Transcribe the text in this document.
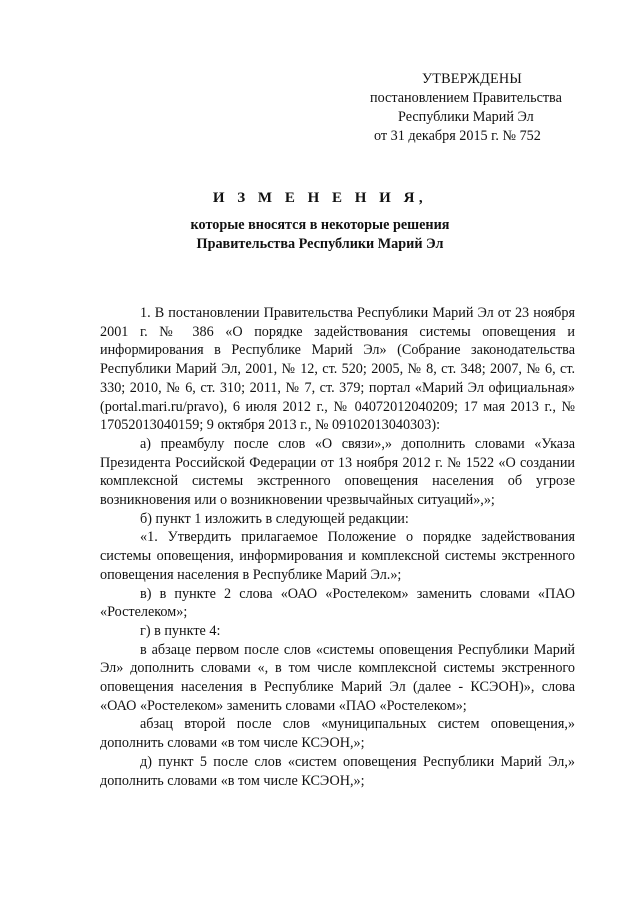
УТВЕРЖДЕНЫ
постановлением Правительства
Республики Марий Эл
от 31 декабря 2015 г. № 752
И З М Е Н Е Н И Я,
которые вносятся в некоторые решения
Правительства Республики Марий Эл

1. В постановлении Правительства Республики Марий Эл от 23 ноября 2001 г. № 386 «О порядке задействования системы оповещения и информирования в Республике Марий Эл» (Собрание законодательства Республики Марий Эл, 2001, № 12, ст. 520; 2005, № 8, ст. 348; 2007, № 6, ст. 330; 2010, № 6, ст. 310; 2011, № 7, ст. 379; портал «Марий Эл официальная» (portal.mari.ru/pravo), 6 июля 2012 г., № 04072012040209; 17 мая 2013 г., № 17052013040159; 9 октября 2013 г., № 09102013040303):

а) преамбулу после слов «О связи»,» дополнить словами «Указа Президента Российской Федерации от 13 ноября 2012 г. № 1522 «О создании комплексной системы экстренного оповещения населения об угрозе возникновения или о возникновении чрезвычайных ситуаций»,»;

б) пункт 1 изложить в следующей редакции:

«1. Утвердить прилагаемое Положение о порядке задействования системы оповещения, информирования и комплексной системы экстренного оповещения населения в Республике Марий Эл.»;

в) в пункте 2 слова «ОАО «Ростелеком» заменить словами «ПАО «Ростелеком»;

г) в пункте 4:

в абзаце первом после слов «системы оповещения Республики Марий Эл» дополнить словами «, в том числе комплексной системы экстренного оповещения населения в Республике Марий Эл (далее - КСЭОН)», слова «ОАО «Ростелеком» заменить словами «ПАО «Ростелеком»;

абзац второй после слов «муниципальных систем оповещения,» дополнить словами «в том числе КСЭОН,»;

д) пункт 5 после слов «систем оповещения Республики Марий Эл,» дополнить словами «в том числе КСЭОН,»;
